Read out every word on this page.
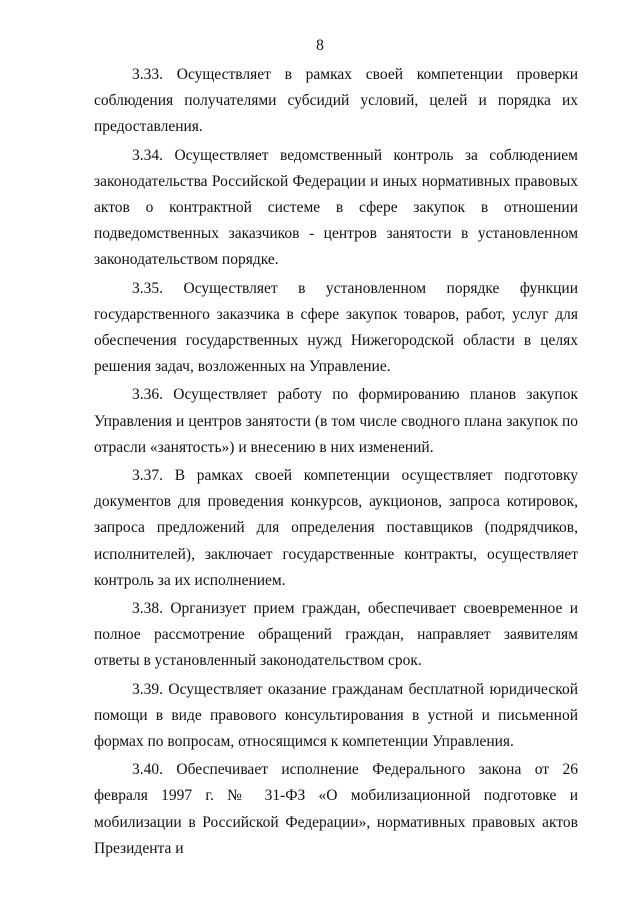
8

3.33. Осуществляет в рамках своей компетенции проверки соблюдения получателями субсидий условий, целей и порядка их предоставления.

3.34. Осуществляет ведомственный контроль за соблюдением законодательства Российской Федерации и иных нормативных правовых актов о контрактной системе в сфере закупок в отношении подведомственных заказчиков - центров занятости в установленном законодательством порядке.

3.35. Осуществляет в установленном порядке функции государственного заказчика в сфере закупок товаров, работ, услуг для обеспечения государственных нужд Нижегородской области в целях решения задач, возложенных на Управление.

3.36. Осуществляет работу по формированию планов закупок Управления и центров занятости (в том числе сводного плана закупок по отрасли «занятость») и внесению в них изменений.

3.37. В рамках своей компетенции осуществляет подготовку документов для проведения конкурсов, аукционов, запроса котировок, запроса предложений для определения поставщиков (подрядчиков, исполнителей), заключает государственные контракты, осуществляет контроль за их исполнением.

3.38. Организует прием граждан, обеспечивает своевременное и полное рассмотрение обращений граждан, направляет заявителям ответы в установленный законодательством срок.

3.39. Осуществляет оказание гражданам бесплатной юридической помощи в виде правового консультирования в устной и письменной формах по вопросам, относящимся к компетенции Управления.

3.40. Обеспечивает исполнение Федерального закона от 26 февраля 1997 г. № 31-ФЗ «О мобилизационной подготовке и мобилизации в Российской Федерации», нормативных правовых актов Президента и
